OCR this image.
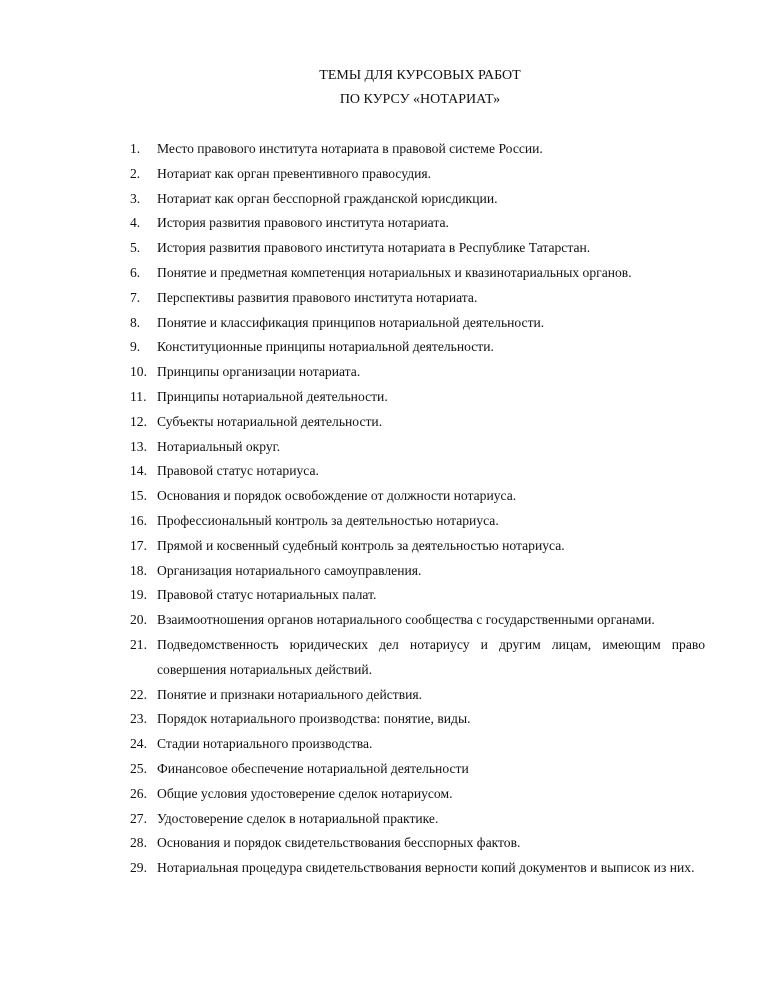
ТЕМЫ ДЛЯ КУРСОВЫХ РАБОТ
ПО КУРСУ «НОТАРИАТ»
1.	Место правового института нотариата в правовой системе России.
2.	Нотариат как орган превентивного правосудия.
3.	Нотариат как орган бесспорной гражданской юрисдикции.
4.	История развития правового института нотариата.
5.	История развития правового института нотариата в Республике Татарстан.
6.	Понятие и предметная компетенция нотариальных и квазинотариальных органов.
7.	Перспективы развития правового института нотариата.
8.	Понятие и классификация принципов нотариальной деятельности.
9.	Конституционные принципы нотариальной деятельности.
10. Принципы организации нотариата.
11. Принципы нотариальной деятельности.
12. Субъекты нотариальной деятельности.
13. Нотариальный округ.
14. Правовой статус нотариуса.
15. Основания и порядок освобождение от должности нотариуса.
16. Профессиональный контроль за деятельностью нотариуса.
17. Прямой и косвенный судебный контроль за деятельностью нотариуса.
18. Организация нотариального самоуправления.
19. Правовой статус нотариальных палат.
20. Взаимоотношения органов нотариального сообщества с государственными органами.
21. Подведомственность юридических дел нотариусу и другим лицам, имеющим право совершения нотариальных действий.
22. Понятие и признаки нотариального действия.
23. Порядок нотариального производства: понятие, виды.
24. Стадии нотариального производства.
25. Финансовое обеспечение нотариальной деятельности
26. Общие условия удостоверение сделок нотариусом.
27. Удостоверение сделок в нотариальной практике.
28. Основания и порядок свидетельствования бесспорных фактов.
29. Нотариальная процедура свидетельствования верности копий документов и выписок из них.
